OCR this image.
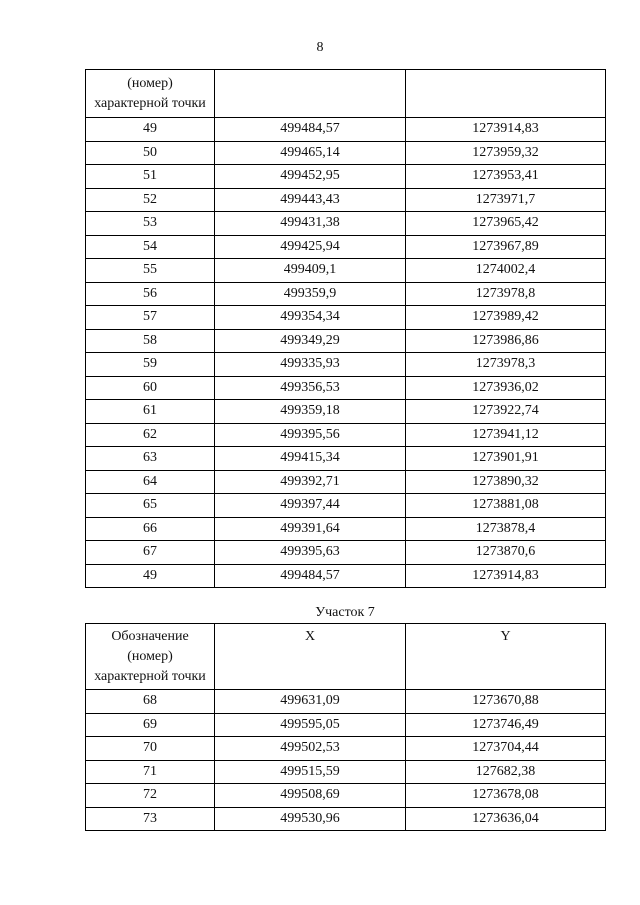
8
(номер)
характерной точки		

49	499484,57	1273914,83
50	499465,14	1273959,32
51	499452,95	1273953,41
52	499443,43	1273971,7
53	499431,38	1273965,42
54	499425,94	1273967,89
55	499409,1	1274002,4
56	499359,9	1273978,8
57	499354,34	1273989,42
58	499349,29	1273986,86
59	499335,93	1273978,3
60	499356,53	1273936,02
61	499359,18	1273922,74
62	499395,56	1273941,12
63	499415,34	1273901,91
64	499392,71	1273890,32
65	499397,44	1273881,08
66	499391,64	1273878,4
67	499395,63	1273870,6
49	499484,57	1273914,83
Участок 7
Обозначение
(номер)
характерной точки	X	Y
68	499631,09	1273670,88
69	499595,05	1273746,49
70	499502,53	1273704,44
71	499515,59	127682,38
72	499508,69	1273678,08
73	499530,96	1273636,04
